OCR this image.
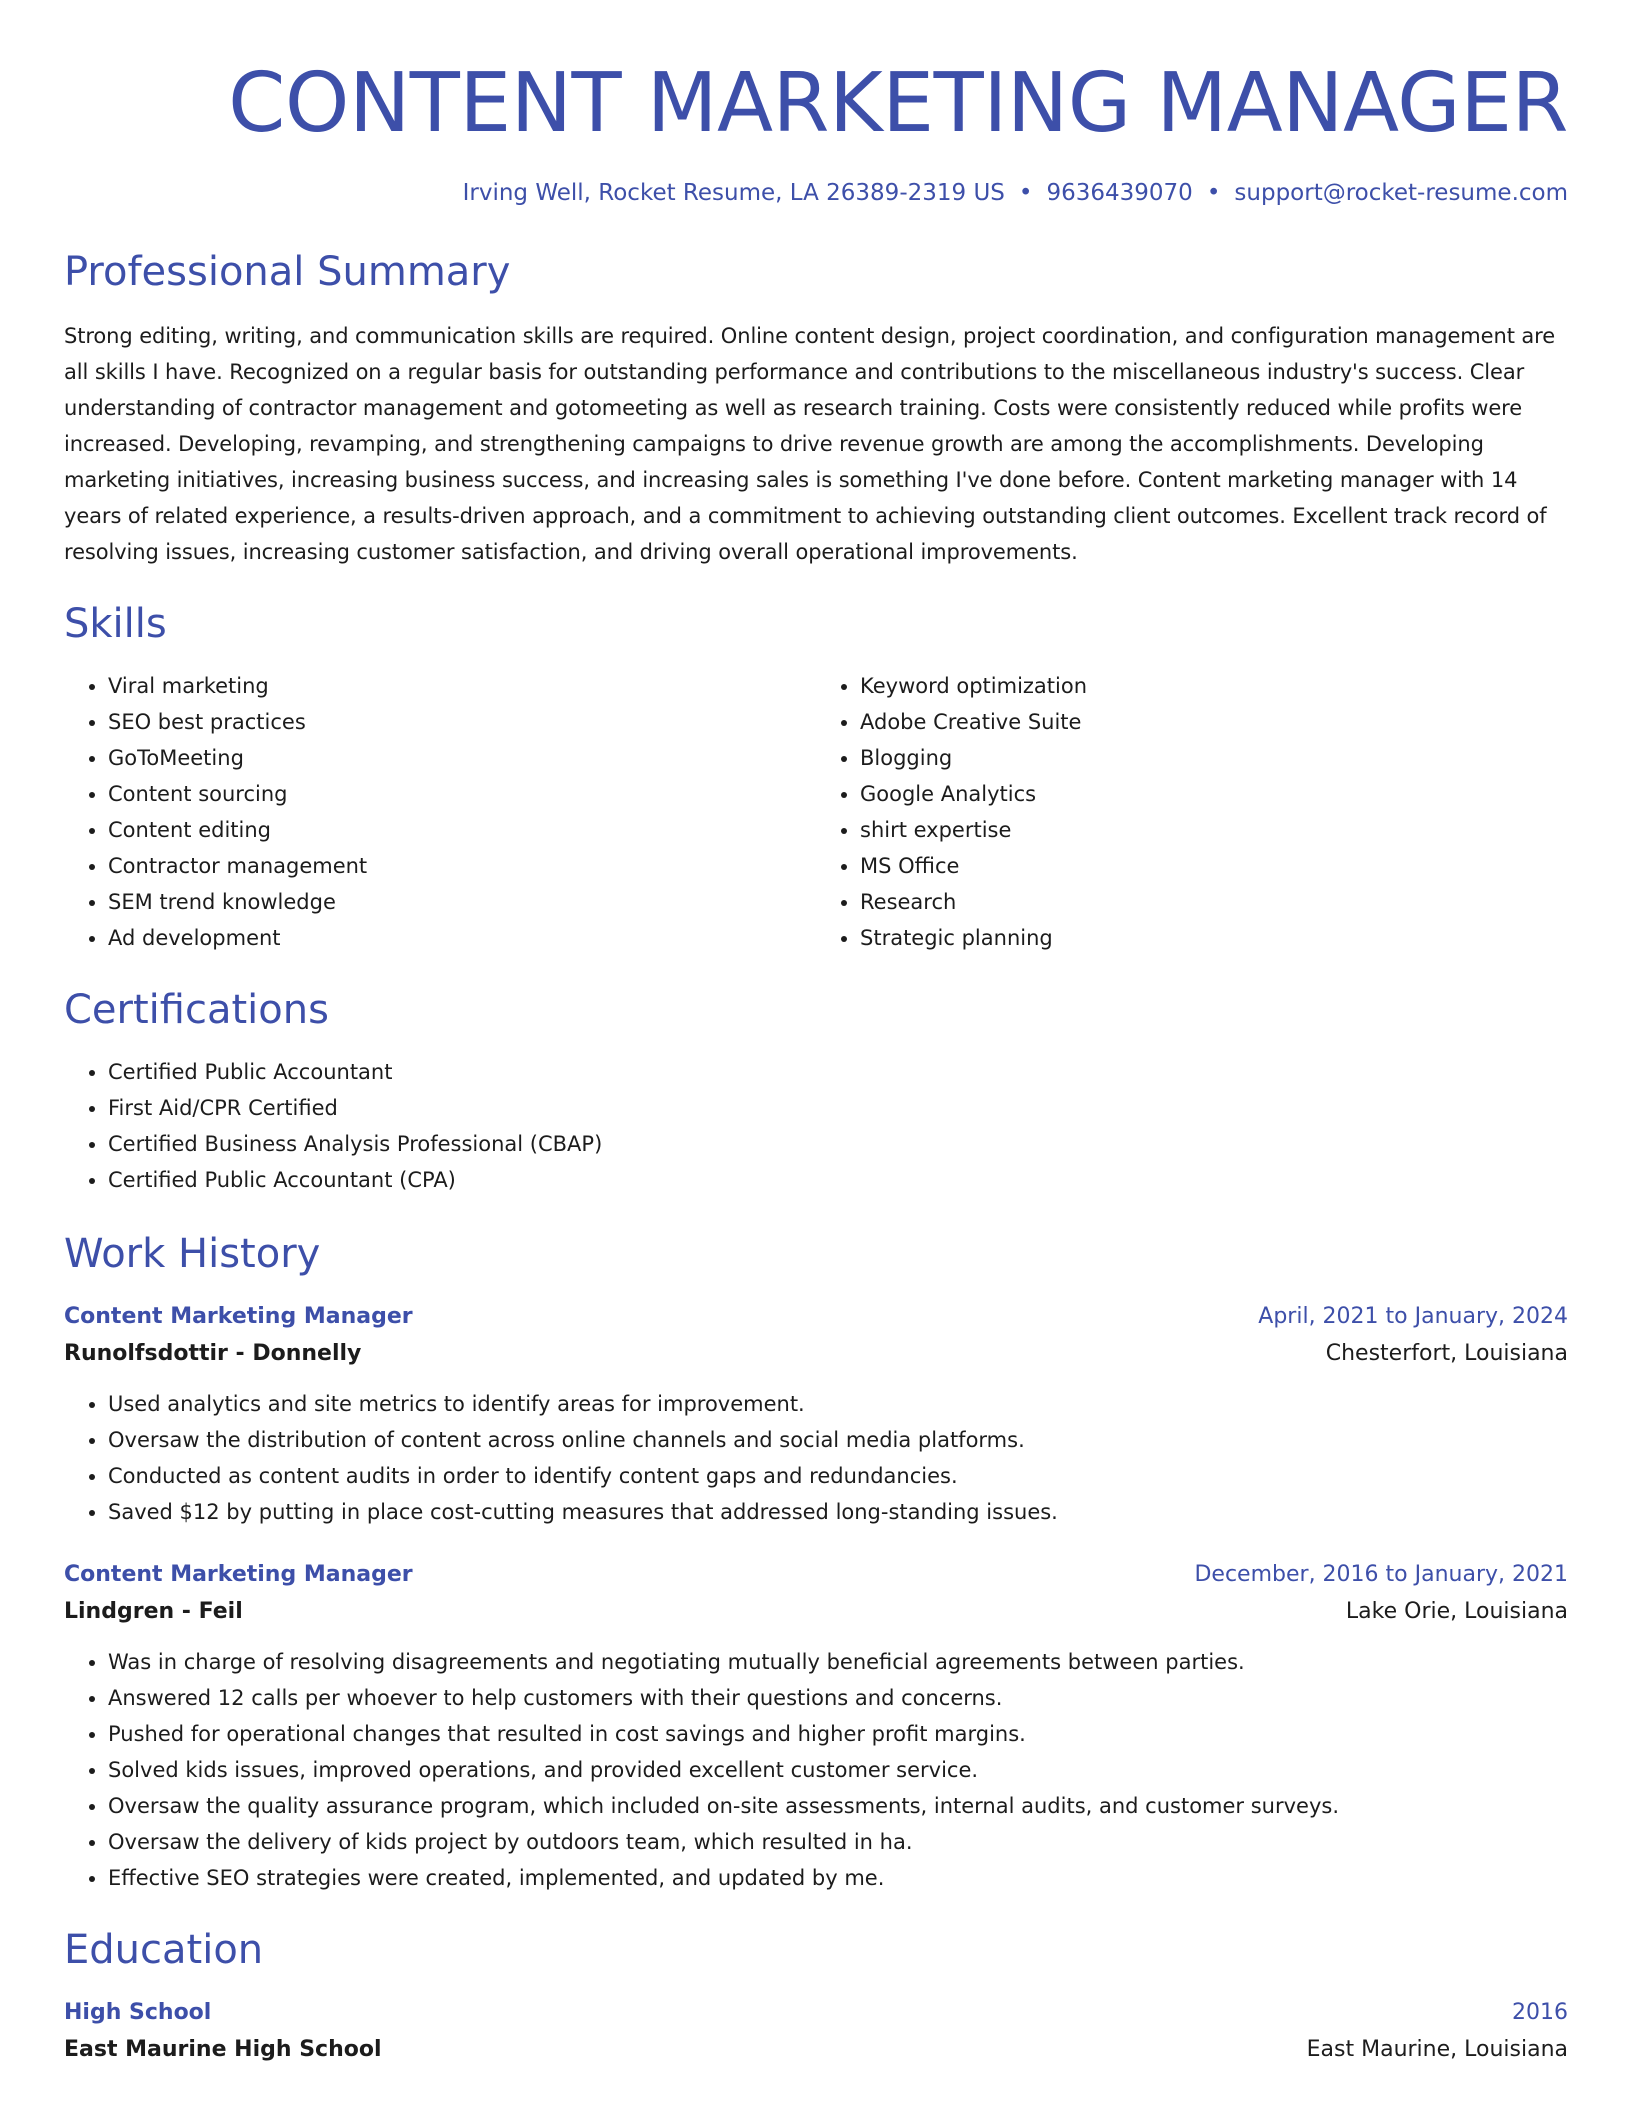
CONTENT MARKETING MANAGER
Irving Well, Rocket Resume, LA 26389-2319 US • 9636439070 • support@rocket-resume.com
Professional Summary
Strong editing, writing, and communication skills are required. Online content design, project coordination, and configuration management are all skills I have. Recognized on a regular basis for outstanding performance and contributions to the miscellaneous industry's success. Clear understanding of contractor management and gotomeeting as well as research training. Costs were consistently reduced while profits were increased. Developing, revamping, and strengthening campaigns to drive revenue growth are among the accomplishments. Developing marketing initiatives, increasing business success, and increasing sales is something I've done before. Content marketing manager with 14 years of related experience, a results-driven approach, and a commitment to achieving outstanding client outcomes. Excellent track record of resolving issues, increasing customer satisfaction, and driving overall operational improvements.
Skills
• Viral marketing
• SEO best practices
• GoToMeeting
• Content sourcing
• Content editing
• Contractor management
• SEM trend knowledge
• Ad development
• Keyword optimization
• Adobe Creative Suite
• Blogging
• Google Analytics
• shirt expertise
• MS Office
• Research
• Strategic planning
Certifications
• Certified Public Accountant
• First Aid/CPR Certified
• Certified Business Analysis Professional (CBAP)
• Certified Public Accountant (CPA)
Work History
Content Marketing Manager	April, 2021 to January, 2024
Runolfsdottir - Donnelly	Chesterfort, Louisiana
• Used analytics and site metrics to identify areas for improvement.
• Oversaw the distribution of content across online channels and social media platforms.
• Conducted as content audits in order to identify content gaps and redundancies.
• Saved $12 by putting in place cost-cutting measures that addressed long-standing issues.
Content Marketing Manager	December, 2016 to January, 2021
Lindgren - Feil	Lake Orie, Louisiana
• Was in charge of resolving disagreements and negotiating mutually beneficial agreements between parties.
• Answered 12 calls per whoever to help customers with their questions and concerns.
• Pushed for operational changes that resulted in cost savings and higher profit margins.
• Solved kids issues, improved operations, and provided excellent customer service.
• Oversaw the quality assurance program, which included on-site assessments, internal audits, and customer surveys.
• Oversaw the delivery of kids project by outdoors team, which resulted in ha.
• Effective SEO strategies were created, implemented, and updated by me.
Education
High School	2016
East Maurine High School	East Maurine, Louisiana
